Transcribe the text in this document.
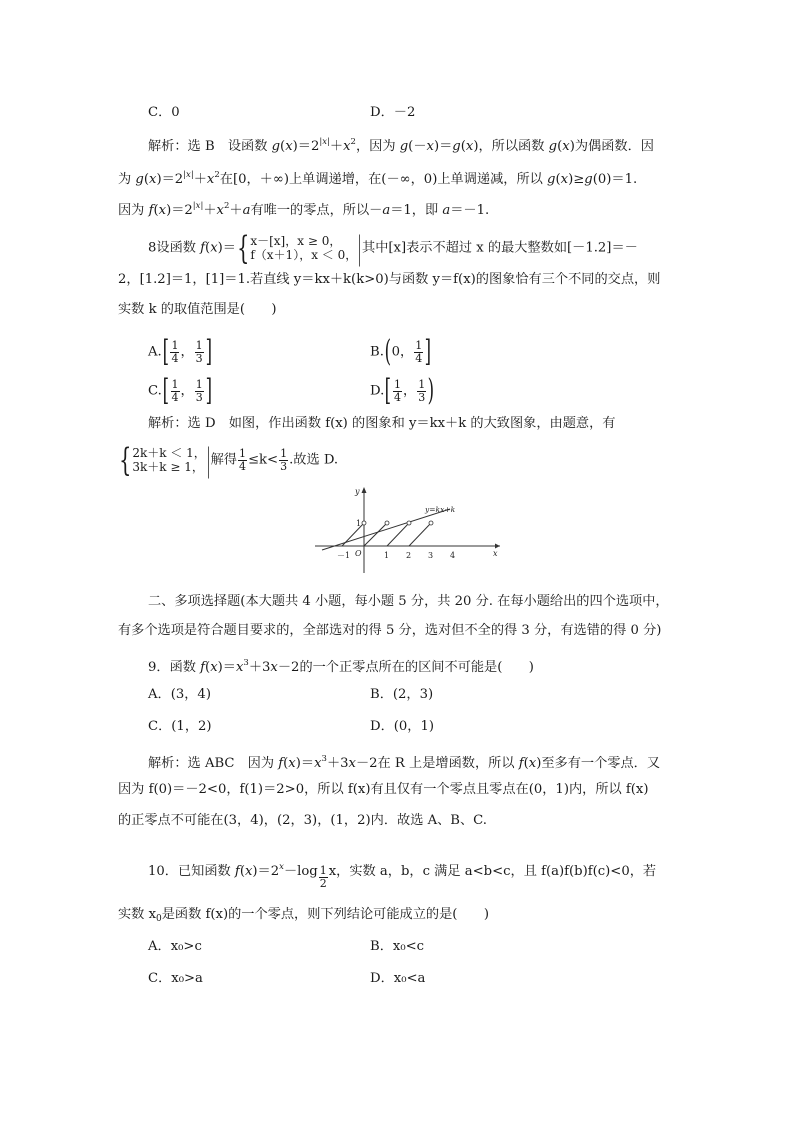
C．0	D．－2
解析：选 B　设函数 $g(x)=2^{|x|}+x^2$，因为 g(－x)＝g(x)，所以函数 g(x)为偶函数．因
为 $g(x)=2^{|x|}+x^2$在[0，＋∞)上单调递增，在(－∞，0)上单调递减，所以 g(x)≥g(0)＝1.
因为 $f(x)=2^{|x|}+x^2+a$有唯一的零点，所以－a＝1，即 a＝－1.
8设函数 f(x)＝{ x－[x]，x ≥ 0，
f（x＋1），x ＜ 0， |其中[x]表示不超过 x 的最大整数如[－1.2]＝－
2，[1.2]＝1，[1]＝1.若直线 y＝kx＋k(k>0)与函数 y＝f(x)的图象恰有三个不同的交点，则
实数 k 的取值范围是(　　)
$A.[ \frac{1}{4}$ ， $\frac{1}{3}$ ]	B.(0， $\frac{1}{4}$ ]
$C.[ \frac{1}{4}$ ， $\frac{1}{3}$ ]	$D.[ \frac{1}{4}$ ， $\frac{1}{3}$ )
解析：选 D　如图，作出函数 f(x) 的图象和 y＝kx＋k 的大致图象，由题意，有
{ 2k＋k ＜ 1，
3k＋k ≥ 1， |解得 $\frac{1}{4} \le k< \frac{1}{3}$ .故选 D.
y=kx+k
x
y
O
1
－1	1 2 3 4
二、多项选择题(本大题共 4 小题，每小题 5 分，共 20 分. 在每小题给出的四个选项中，
有多个选项是符合题目要求的，全部选对的得 5 分，选对但不全的得 3 分，有选错的得 0 分)
9．函数 $f(x)=x^3+3x-2$的一个正零点所在的区间不可能是(　　)
A．(3，4)	B．(2，3)
C．(1，2)	D．(0，1)
解析：选 ABC　因为 $f(x)=x^3+3x-2$在 R 上是增函数，所以 f(x)至多有一个零点．又
因为 f(0)＝－2<0，f(1)＝2>0，所以 f(x)有且仅有一个零点且零点在(0，1)内，所以 f(x)
的正零点不可能在(3，4)，(2，3)，(1，2)内．故选 A、B、C.
10．已知函数 $f(x)=2^x-\log \frac{1}{2}$ x，实数 a，b，c 满足 a<b<c，且 f(a)f(b)f(c)<0，若
实数 $x_0$是函数 f(x)的一个零点，则下列结论可能成立的是(　　)
A．x₀>c	B．x₀<c
C．x₀>a	D．x₀<a
